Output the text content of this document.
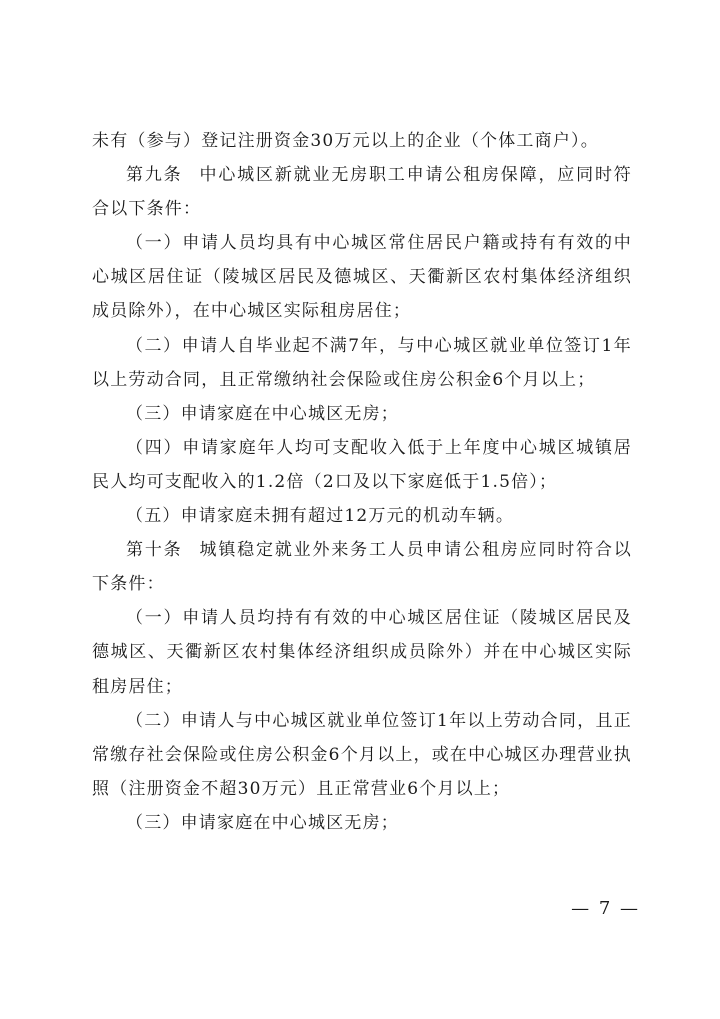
未有（参与）登记注册资金30万元以上的企业（个体工商户）。

第九条 中心城区新就业无房职工申请公租房保障，应同时符合以下条件：

（一）申请人员均具有中心城区常住居民户籍或持有有效的中心城区居住证（陵城区居民及德城区、天衢新区农村集体经济组织成员除外），在中心城区实际租房居住；

（二）申请人自毕业起不满7年，与中心城区就业单位签订1年以上劳动合同，且正常缴纳社会保险或住房公积金6个月以上；

（三）申请家庭在中心城区无房；

（四）申请家庭年人均可支配收入低于上年度中心城区城镇居民人均可支配收入的1.2倍（2口及以下家庭低于1.5倍）；

（五）申请家庭未拥有超过12万元的机动车辆。

第十条 城镇稳定就业外来务工人员申请公租房应同时符合以下条件：

（一）申请人员均持有有效的中心城区居住证（陵城区居民及德城区、天衢新区农村集体经济组织成员除外）并在中心城区实际租房居住；

（二）申请人与中心城区就业单位签订1年以上劳动合同，且正常缴存社会保险或住房公积金6个月以上，或在中心城区办理营业执照（注册资金不超30万元）且正常营业6个月以上；

（三）申请家庭在中心城区无房；

— 7 —
